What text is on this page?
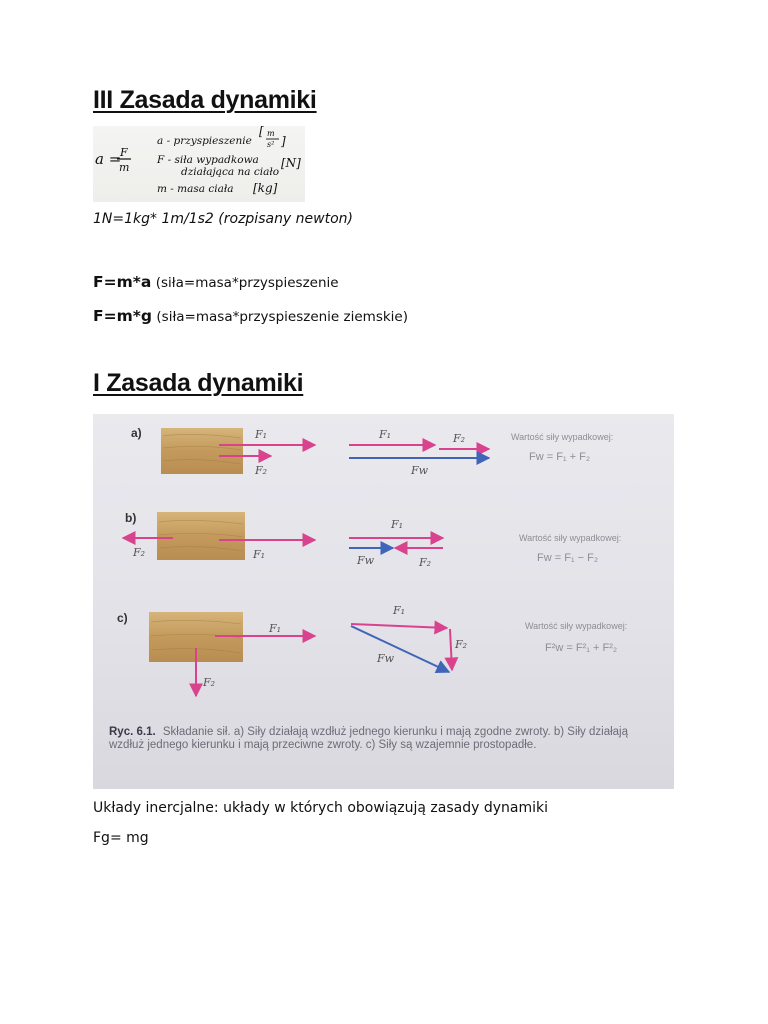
III Zasada dynamiki
a =
F
m
a - przyspieszenie
[ m
s² ]
F - siła wypadkowa
działająca na ciało
[N]
m - masa ciała [kg]
1N=1kg* 1m/1s2 (rozpisany newton)
F=m*a (siła=masa*przyspieszenie
F=m*g (siła=masa*przyspieszenie ziemskie)
I Zasada dynamiki
a)
b)
c)
F₁
F₂
F₁	F₂
Fw
Wartość siły wypadkowej:
Fw = F₁ + F₂
F₁
F₂
F₁
Fw	F₂
Wartość siły wypadkowej:
Fw = F₁ − F₂
F₁
F₂
F₁
F₂
Fw
Wartość siły wypadkowej:
F²w = F²₁ + F²₂
Ryc. 6.1. Składanie sił. a) Siły działają wzdłuż jednego kierunku i mają zgodne zwroty. b) Siły działają
wzdłuż jednego kierunku i mają przeciwne zwroty. c) Siły są wzajemnie prostopadłe.
Układy inercjalne: układy w których obowiązują zasady dynamiki
Fg= mg
